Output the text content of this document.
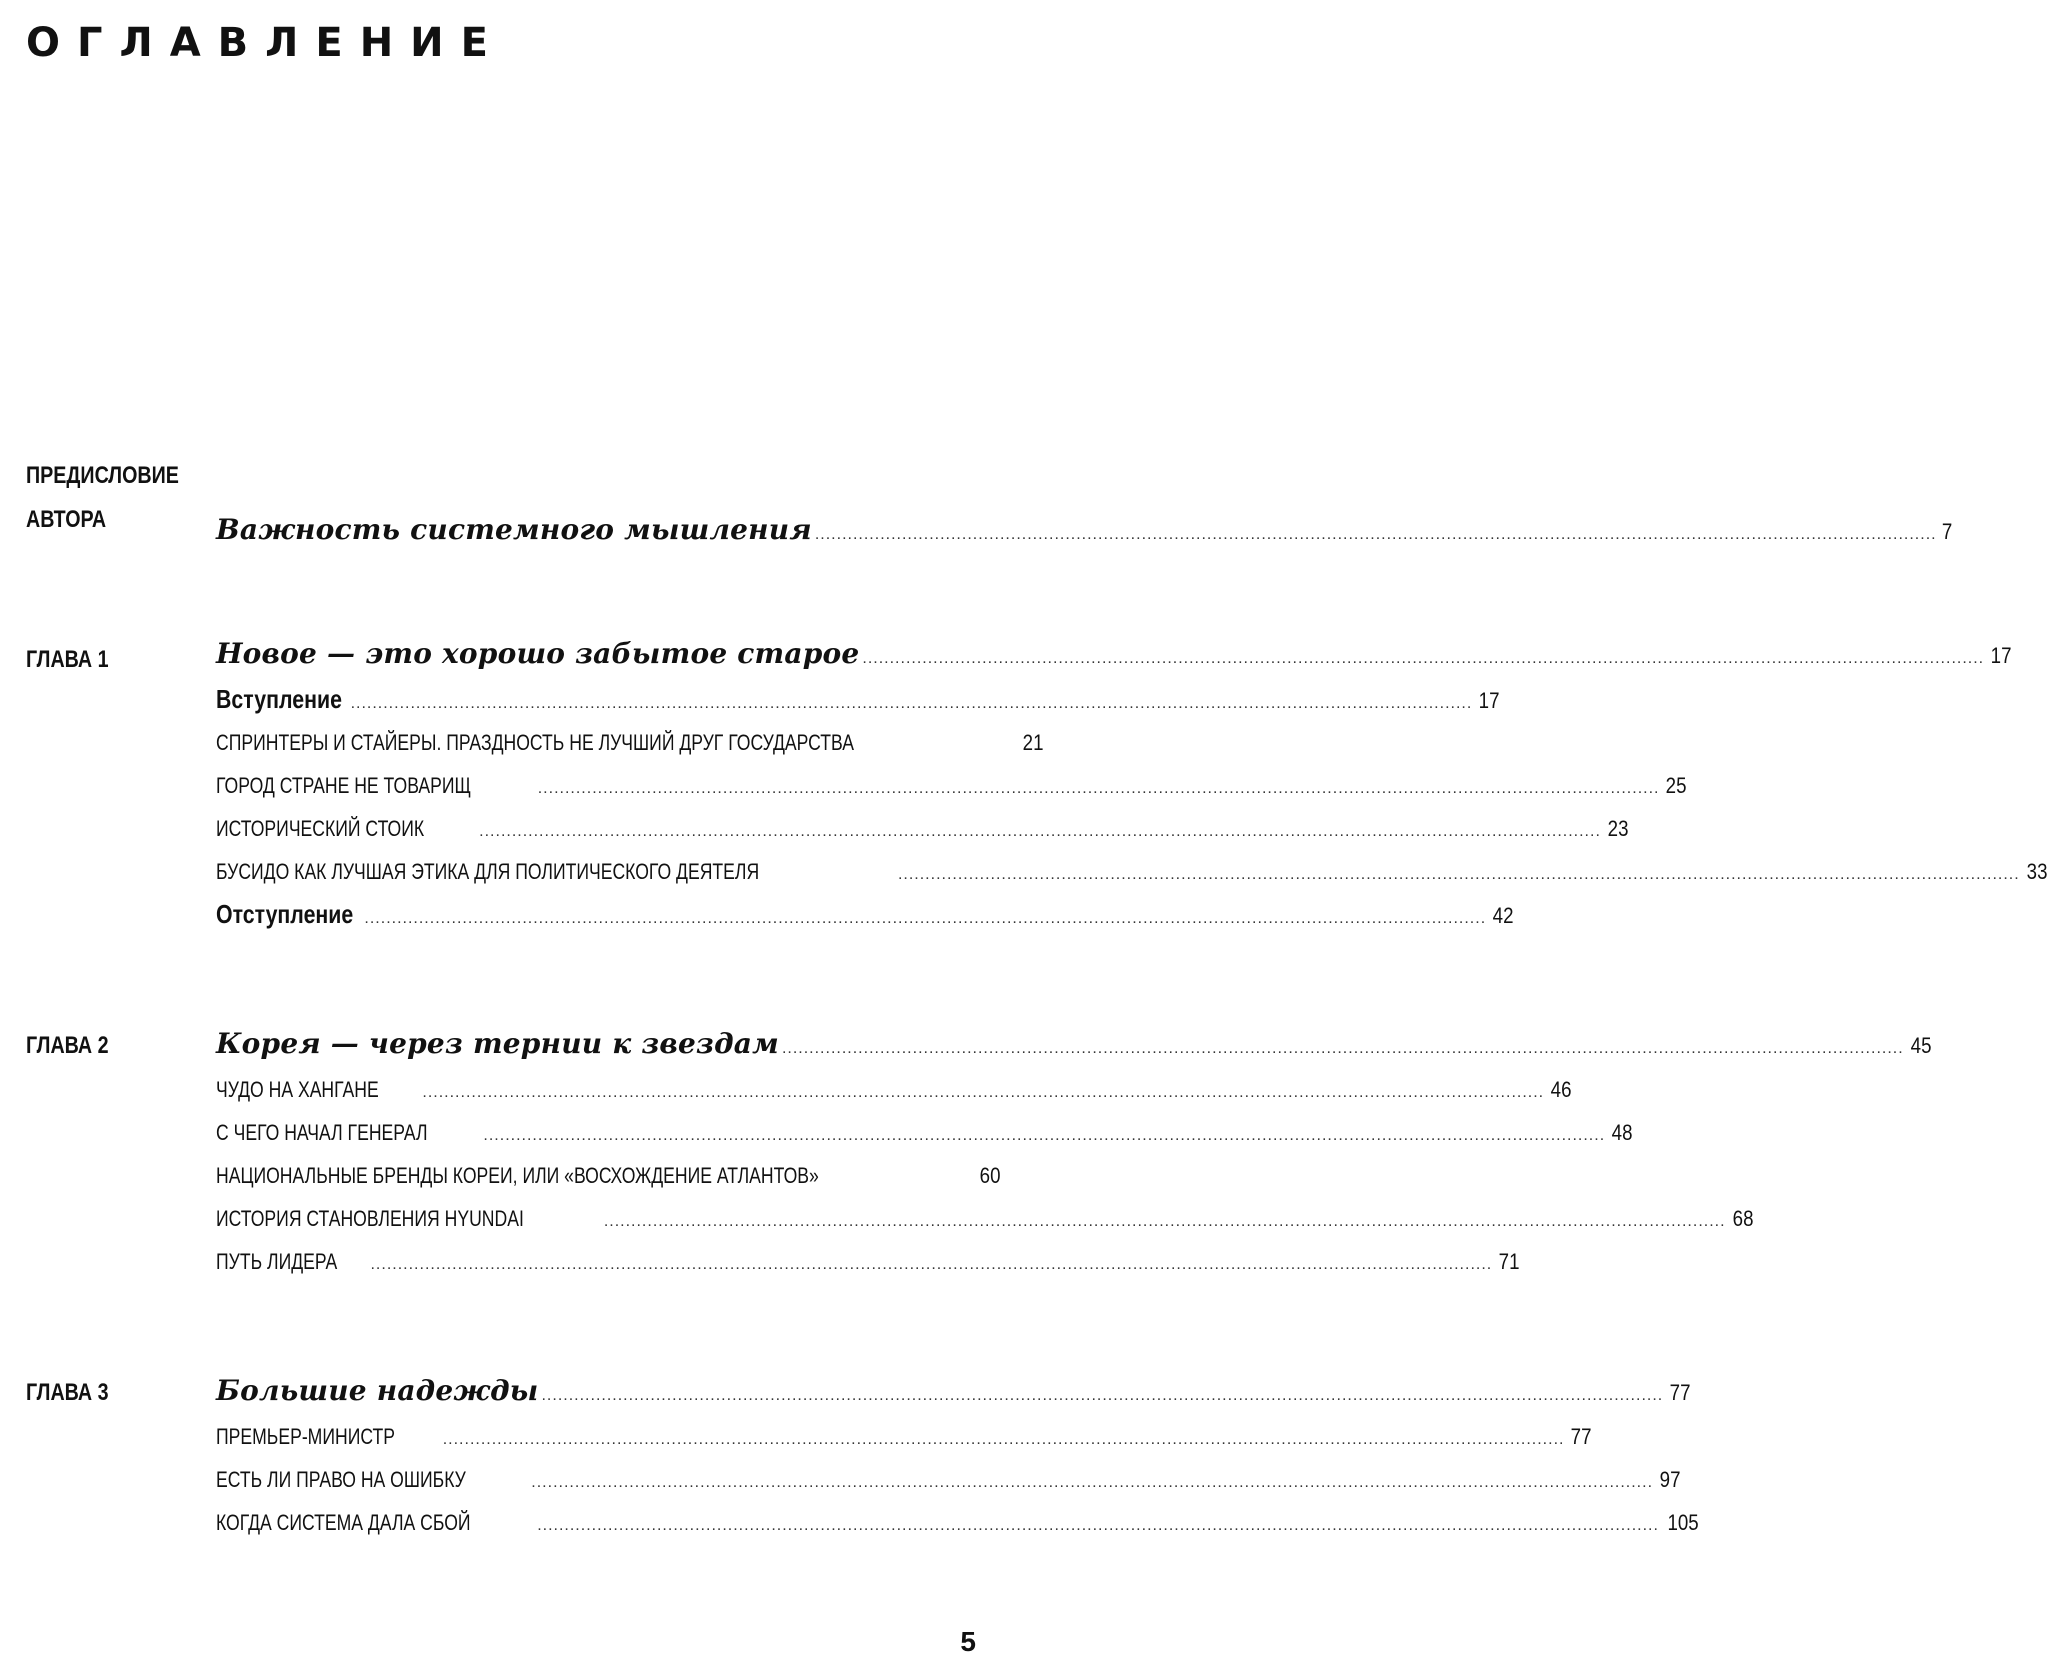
ОГЛАВЛЕНИЕ
ПРЕДИСЛОВИЕ
АВТОРА	Важность системного мышления .....	7
ГЛАВА 1	Новое — это хорошо забытое старое .....	17
Вступление .....	17
СПРИНТЕРЫ И СТАЙЕРЫ. ПРАЗДНОСТЬ НЕ ЛУЧШИЙ ДРУГ ГОСУДАРСТВА	21
ГОРОД СТРАНЕ НЕ ТОВАРИЩ .....	25
ИСТОРИЧЕСКИЙ СТОИК .....	23
БУСИДО КАК ЛУЧШАЯ ЭТИКА ДЛЯ ПОЛИТИЧЕСКОГО ДЕЯТЕЛЯ .....	33
Отступление .....	42
ГЛАВА 2	Корея — через тернии к звездам .....	45
ЧУДО НА ХАНГАНЕ .....	46
С ЧЕГО НАЧАЛ ГЕНЕРАЛ .....	48
НАЦИОНАЛЬНЫЕ БРЕНДЫ КОРЕИ, ИЛИ «ВОСХОЖДЕНИЕ АТЛАНТОВ»	60
ИСТОРИЯ СТАНОВЛЕНИЯ HYUNDAI .....	68
ПУТЬ ЛИДЕРА .....	71
ГЛАВА 3	Большие надежды .....	77
ПРЕМЬЕР-МИНИСТР .....	77
ЕСТЬ ЛИ ПРАВО НА ОШИБКУ .....	97
КОГДА СИСТЕМА ДАЛА СБОЙ .....	105
5
